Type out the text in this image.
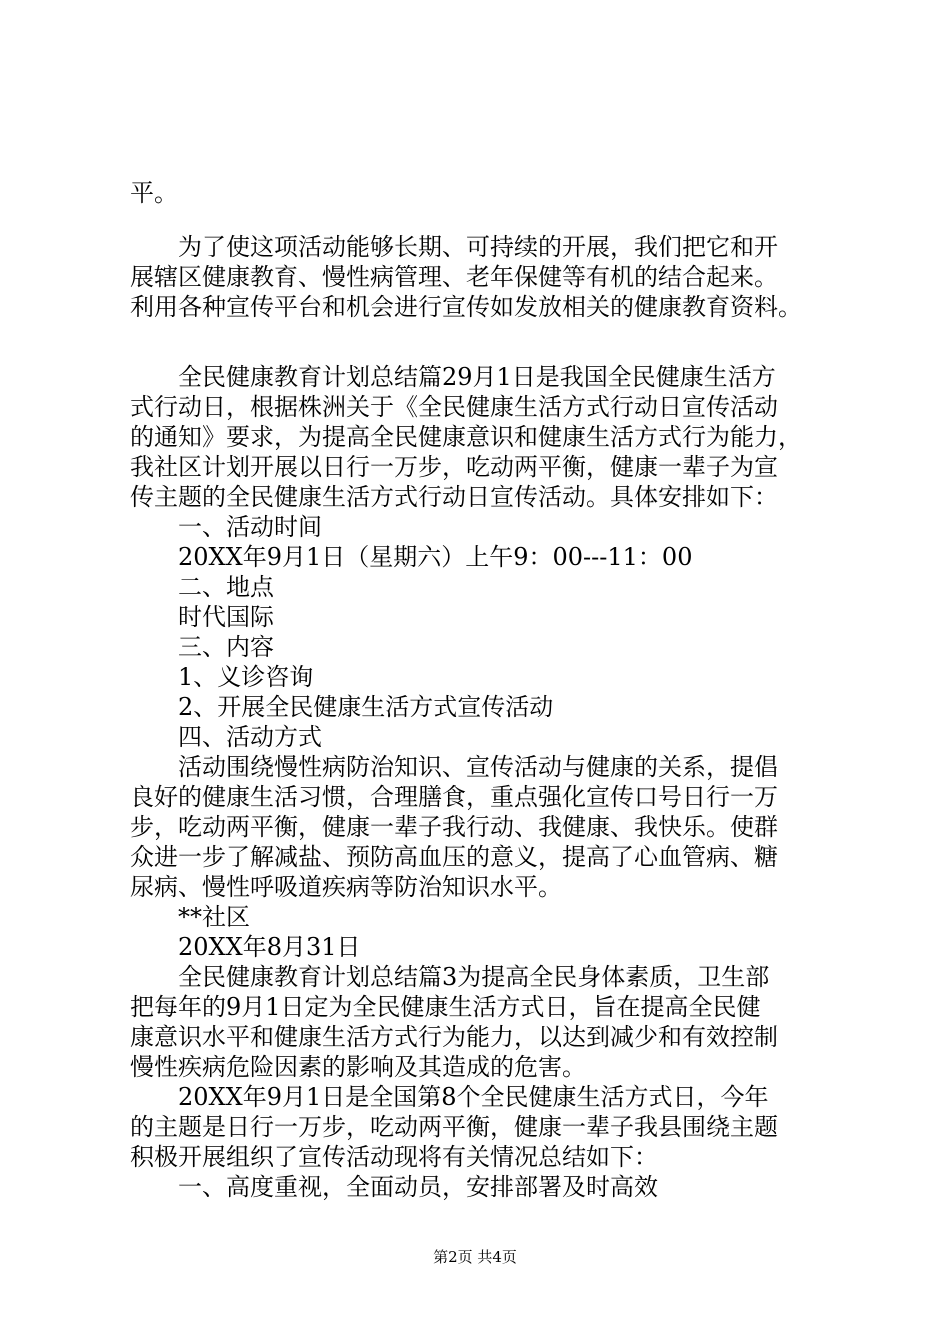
平。
为了使这项活动能够长期、可持续的开展，我们把它和开
展辖区健康教育、慢性病管理、老年保健等有机的结合起来。
利用各种宣传平台和机会进行宣传如发放相关的健康教育资料。
全民健康教育计划总结篇29月1日是我国全民健康生活方
式行动日，根据株洲关于《全民健康生活方式行动日宣传活动
的通知》要求，为提高全民健康意识和健康生活方式行为能力，
我社区计划开展以日行一万步，吃动两平衡，健康一辈子为宣
传主题的全民健康生活方式行动日宣传活动。具体安排如下：
一、活动时间
20XX年9月1日（星期六）上午9：00---11：00
二、地点
时代国际
三、内容
1、义诊咨询
2、开展全民健康生活方式宣传活动
四、活动方式
活动围绕慢性病防治知识、宣传活动与健康的关系，提倡
良好的健康生活习惯，合理膳食，重点强化宣传口号日行一万
步，吃动两平衡，健康一辈子我行动、我健康、我快乐。使群
众进一步了解减盐、预防高血压的意义，提高了心血管病、糖
尿病、慢性呼吸道疾病等防治知识水平。
**社区
20XX年8月31日
全民健康教育计划总结篇3为提高全民身体素质，卫生部
把每年的9月1日定为全民健康生活方式日，旨在提高全民健
康意识水平和健康生活方式行为能力，以达到减少和有效控制
慢性疾病危险因素的影响及其造成的危害。
20XX年9月1日是全国第8个全民健康生活方式日，今年
的主题是日行一万步，吃动两平衡，健康一辈子我县围绕主题
积极开展组织了宣传活动现将有关情况总结如下：
一、高度重视，全面动员，安排部署及时高效
第2页 共4页
